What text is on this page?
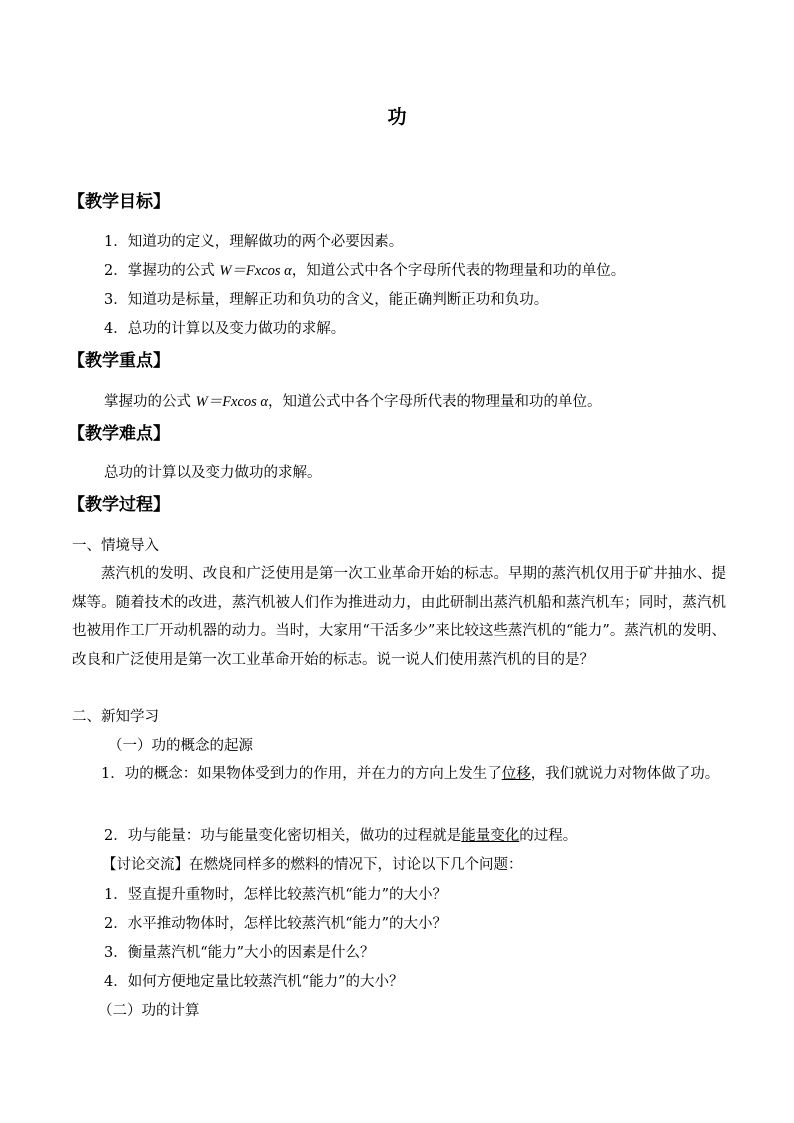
功
【教学目标】
1．知道功的定义，理解做功的两个必要因素。
2．掌握功的公式 W＝Fxcos α，知道公式中各个字母所代表的物理量和功的单位。
3．知道功是标量，理解正功和负功的含义，能正确判断正功和负功。
4．总功的计算以及变力做功的求解。
【教学重点】
掌握功的公式 W＝Fxcos α，知道公式中各个字母所代表的物理量和功的单位。
【教学难点】
总功的计算以及变力做功的求解。
【教学过程】
一、情境导入

蒸汽机的发明、改良和广泛使用是第一次工业革命开始的标志。早期的蒸汽机仅用于矿井抽水、提煤等。随着技术的改进，蒸汽机被人们作为推进动力，由此研制出蒸汽机船和蒸汽机车；同时，蒸汽机也被用作工厂开动机器的动力。当时，大家用“干活多少”来比较这些蒸汽机的“能力”。蒸汽机的发明、改良和广泛使用是第一次工业革命开始的标志。说一说人们使用蒸汽机的目的是？

二、新知学习
（一）功的概念的起源

1．功的概念：如果物体受到力的作用，并在力的方向上发生了位移，我们就说力对物体做了功。

2．功与能量：功与能量变化密切相关，做功的过程就是能量变化的过程。
【讨论交流】在燃烧同样多的燃料的情况下，讨论以下几个问题：
1．竖直提升重物时，怎样比较蒸汽机“能力”的大小？
2．水平推动物体时，怎样比较蒸汽机“能力”的大小？
3．衡量蒸汽机“能力”大小的因素是什么？
4．如何方便地定量比较蒸汽机“能力”的大小？
（二）功的计算
